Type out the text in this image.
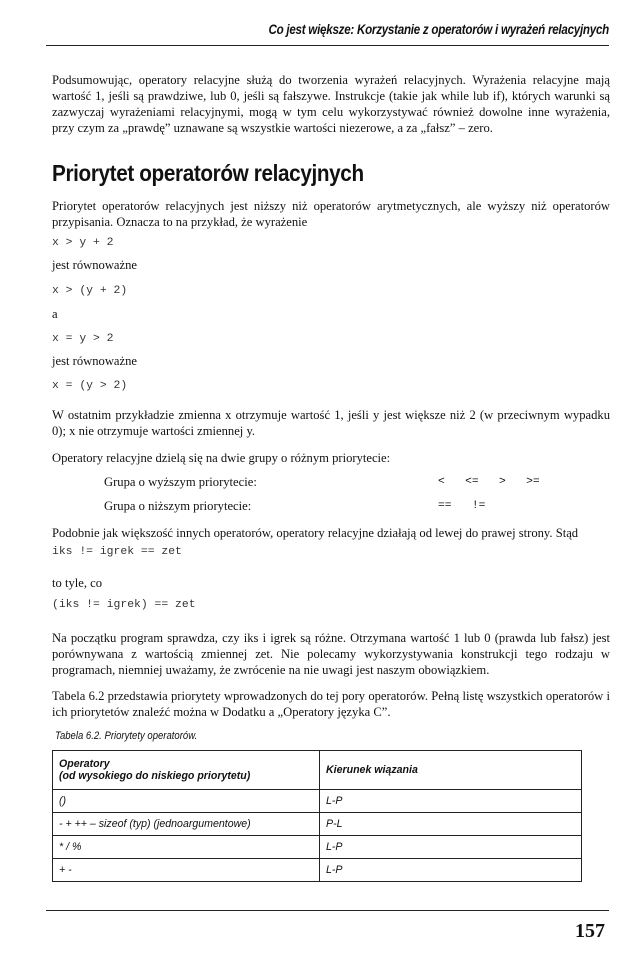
Co jest większe: Korzystanie z operatorów i wyrażeń relacyjnych

Podsumowując, operatory relacyjne służą do tworzenia wyrażeń relacyjnych. Wyrażenia relacyjne mają wartość 1, jeśli są prawdziwe, lub 0, jeśli są fałszywe. Instrukcje (takie jak while lub if), których warunki są zazwyczaj wyrażeniami relacyjnymi, mogą w tym celu wykorzystywać również dowolne inne wyrażenia, przy czym za „prawdę” uznawane są wszystkie wartości niezerowe, a za „fałsz” – zero.

Priorytet operatorów relacyjnych

Priorytet operatorów relacyjnych jest niższy niż operatorów arytmetycznych, ale wyższy niż operatorów przypisania. Oznacza to na przykład, że wyrażenie

x > y + 2
jest równoważne
x > (y + 2)
a
x = y > 2
jest równoważne
x = (y > 2)

W ostatnim przykładzie zmienna x otrzymuje wartość 1, jeśli y jest większe niż 2 (w przeciwnym wypadku 0); x nie otrzymuje wartości zmiennej y.

Operatory relacyjne dzielą się na dwie grupy o różnym priorytecie:

Grupa o wyższym priorytecie:	<   <=   >   >=
Grupa o niższym priorytecie:	==   !=

Podobnie jak większość innych operatorów, operatory relacyjne działają od lewej do prawej strony. Stąd

iks != igrek == zet
to tyle, co
(iks != igrek) == zet

Na początku program sprawdza, czy iks i igrek są różne. Otrzymana wartość 1 lub 0 (prawda lub fałsz) jest porównywana z wartością zmiennej zet. Nie polecamy wykorzystywania konstrukcji tego rodzaju w programach, niemniej uważamy, że zwrócenie na nie uwagi jest naszym obowiązkiem.

Tabela 6.2 przedstawia priorytety wprowadzonych do tej pory operatorów. Pełną listę wszystkich operatorów i ich priorytetów znaleźć można w Dodatku a „Operatory języka C”.

Tabela 6.2. Priorytety operatorów.
Operatory
(od wysokiego do niskiego priorytetu)	Kierunek wiązania
()	L-P
- + ++ – sizeof (typ) (jednoargumentowe)	P-L
* / %	L-P
+ -	L-P
157
